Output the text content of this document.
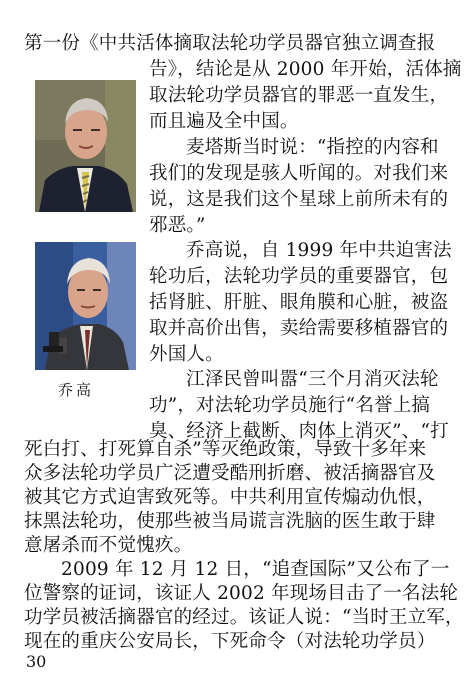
乔高
第一份《中共活体摘取法轮功学员器官独立调查报
告》，结论是从 2000 年开始，活体摘
取法轮功学员器官的罪恶一直发生，
而且遍及全中国。
麦塔斯当时说：“指控的内容和
我们的发现是骇人听闻的。对我们来
说，这是我们这个星球上前所未有的
邪恶。”
乔高说，自 1999 年中共迫害法
轮功后，法轮功学员的重要器官，包
括肾脏、肝脏、眼角膜和心脏，被盗
取并高价出售，卖给需要移植器官的
外国人。
江泽民曾叫嚣“三个月消灭法轮
功”，对法轮功学员施行“名誉上搞
臭、经济上截断、肉体上消灭”、“打
死白打、打死算自杀”等灭绝政策，导致十多年来
众多法轮功学员广泛遭受酷刑折磨、被活摘器官及
被其它方式迫害致死等。中共利用宣传煽动仇恨，
抹黑法轮功，使那些被当局谎言洗脑的医生敢于肆
意屠杀而不觉愧疚。
2009 年 12 月 12 日，“追查国际”又公布了一
位警察的证词，该证人 2002 年现场目击了一名法轮
功学员被活摘器官的经过。该证人说：“当时王立军，
现在的重庆公安局长，下死命令（对法轮功学员）
30
